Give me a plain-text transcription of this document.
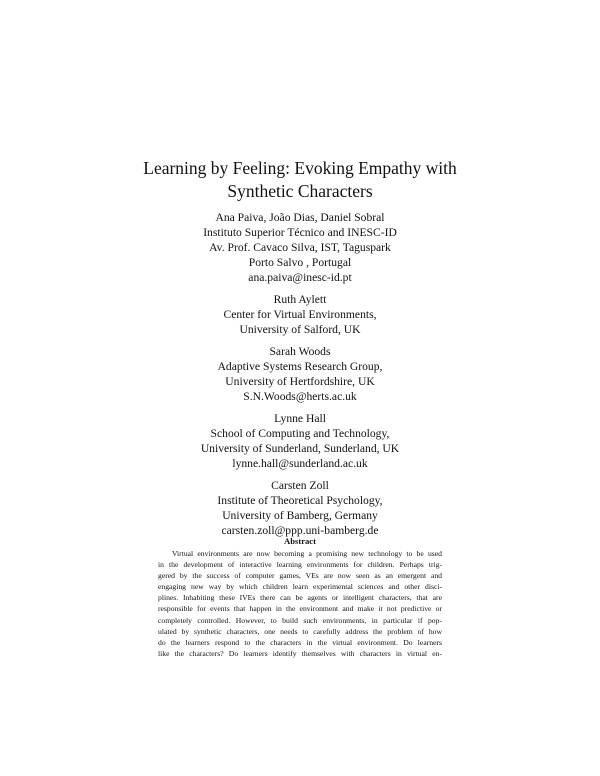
Learning by Feeling: Evoking Empathy with
Synthetic Characters
Ana Paiva, João Dias, Daniel Sobral
Instituto Superior Técnico and INESC-ID
Av. Prof. Cavaco Silva, IST, Taguspark
Porto Salvo , Portugal
ana.paiva@inesc-id.pt
Ruth Aylett
Center for Virtual Environments,
University of Salford, UK
Sarah Woods
Adaptive Systems Research Group,
University of Hertfordshire, UK
S.N.Woods@herts.ac.uk
Lynne Hall
School of Computing and Technology,
University of Sunderland, Sunderland, UK
lynne.hall@sunderland.ac.uk
Carsten Zoll
Institute of Theoretical Psychology,
University of Bamberg, Germany
carsten.zoll@ppp.uni-bamberg.de
Abstract
Virtual environments are now becoming a promising new technology to be used
in the development of interactive learning environments for children. Perhaps trig-
gered by the success of computer games, VEs are now seen as an emergent and
engaging new way by which children learn experimental sciences and other disci-
plines. Inhabiting these IVEs there can be agents or intelligent characters, that are
responsible for events that happen in the environment and make it not predictive or
completely controlled. However, to build such environments, in particular if pop-
ulated by synthetic characters, one needs to carefully address the problem of how
do the learners respond to the characters in the virtual environment. Do learners
like the characters? Do learners identify themselves with characters in virtual en-
